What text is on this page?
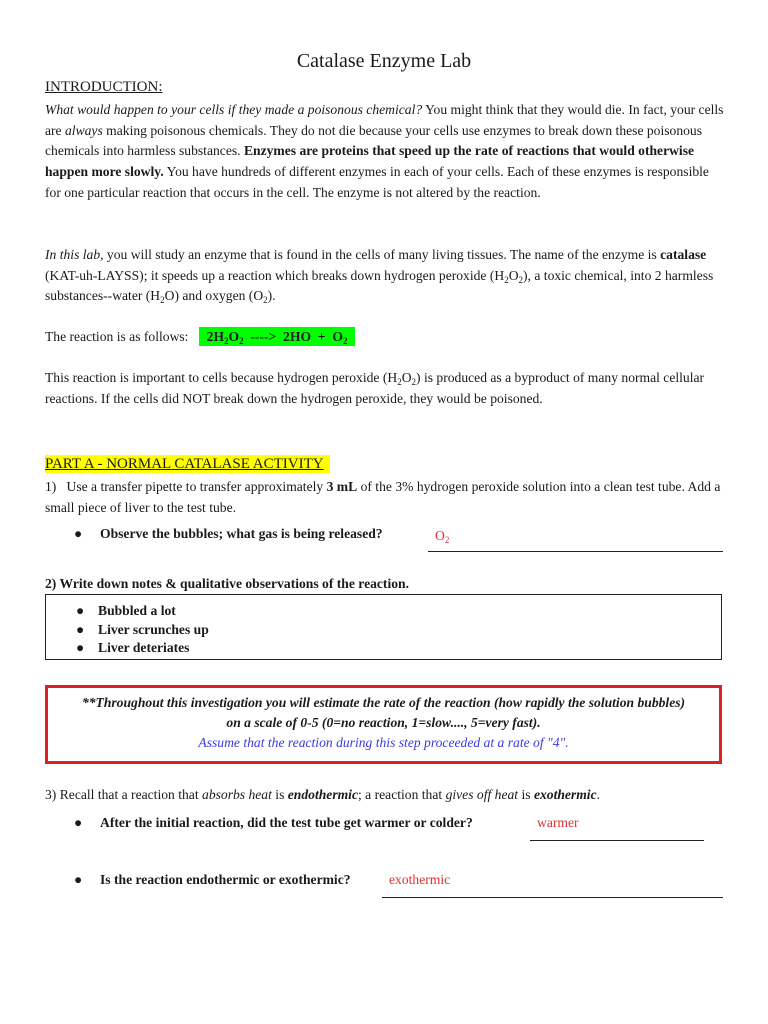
Catalase Enzyme Lab
INTRODUCTION:
What would happen to your cells if they made a poisonous chemical? You might think that they would die. In fact, your cells are always making poisonous chemicals. They do not die because your cells use enzymes to break down these poisonous chemicals into harmless substances. Enzymes are proteins that speed up the rate of reactions that would otherwise happen more slowly. You have hundreds of different enzymes in each of your cells. Each of these enzymes is responsible for one particular reaction that occurs in the cell. The enzyme is not altered by the reaction.
In this lab, you will study an enzyme that is found in the cells of many living tissues. The name of the enzyme is catalase (KAT-uh-LAYSS); it speeds up a reaction which breaks down hydrogen peroxide $(H_2O_2)$, a toxic chemical, into 2 harmless substances--water $(H_2O)$ and oxygen $(O_2)$.
The reaction is as follows: $2H_2O_2$  ---->  $2HO + O_2$
This reaction is important to cells because hydrogen peroxide $(H_2O_2)$ is produced as a byproduct of many normal cellular reactions. If the cells did NOT break down the hydrogen peroxide, they would be poisoned.
PART A - NORMAL CATALASE ACTIVITY
1)   Use a transfer pipette to transfer approximately 3 mL of the 3% hydrogen peroxide solution into a clean test tube. Add a small piece of liver to the test tube.
● Observe the bubbles; what gas is being released?	$O_2$
2) Write down notes & qualitative observations of the reaction.
● Bubbled a lot
● Liver scrunches up
● Liver deteriates
**Throughout this investigation you will estimate the rate of the reaction (how rapidly the solution bubbles) on a scale of 0-5 (0=no reaction, 1=slow...., 5=very fast).
Assume that the reaction during this step proceeded at a rate of "4".
3) Recall that a reaction that absorbs heat is endothermic; a reaction that gives off heat is exothermic.
● After the initial reaction, did the test tube get warmer or colder?	warmer
● Is the reaction endothermic or exothermic?	exothermic
